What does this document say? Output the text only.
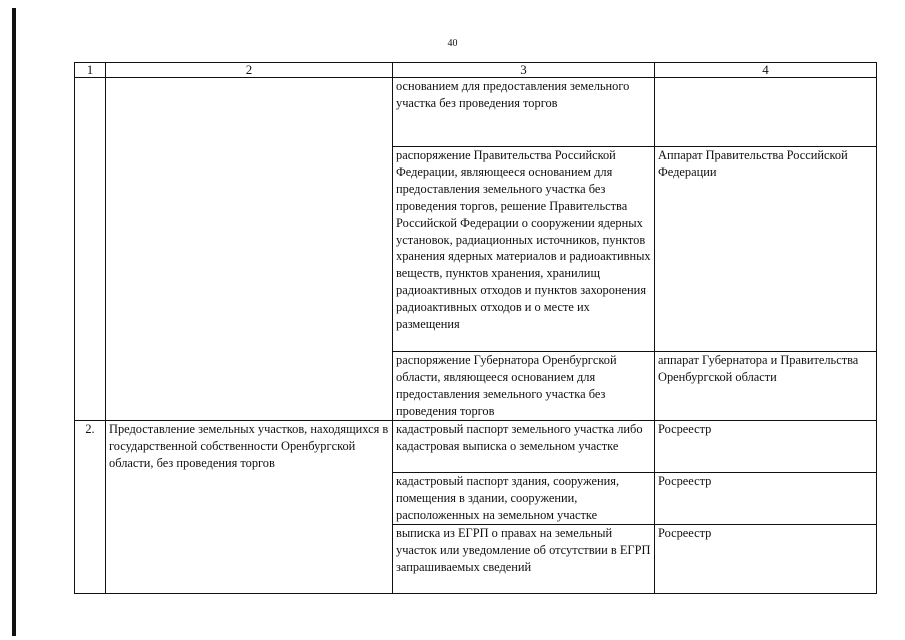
40
1	2	3	4
		основанием для предоставления земельного участка без проведения торгов	
		распоряжение Правительства Российской Федерации, являющееся основанием для предоставления земельного участка без проведения торгов, решение Правительства Российской Федерации о сооружении ядерных установок, радиационных источников, пунктов хранения ядерных материалов и радиоактивных веществ, пунктов хранения, хранилищ радиоактивных отходов и пунктов захоронения радиоактивных отходов и о месте их размещения	Аппарат Правительства Российской Федерации
		распоряжение Губернатора Оренбургской области, являющееся основанием для предоставления земельного участка без проведения торгов	аппарат Губернатора и Правительства Оренбургской области
2.	Предоставление земельных участков, находящихся в государственной собственности Оренбургской области, без проведения торгов	кадастровый паспорт земельного участка либо кадастровая выписка о земельном участке	Росреестр
		кадастровый паспорт здания, сооружения, помещения в здании, сооружении, расположенных на земельном участке	Росреестр
		выписка из ЕГРП о правах на земельный участок или уведомление об отсутствии в ЕГРП запрашиваемых сведений	Росреестр
